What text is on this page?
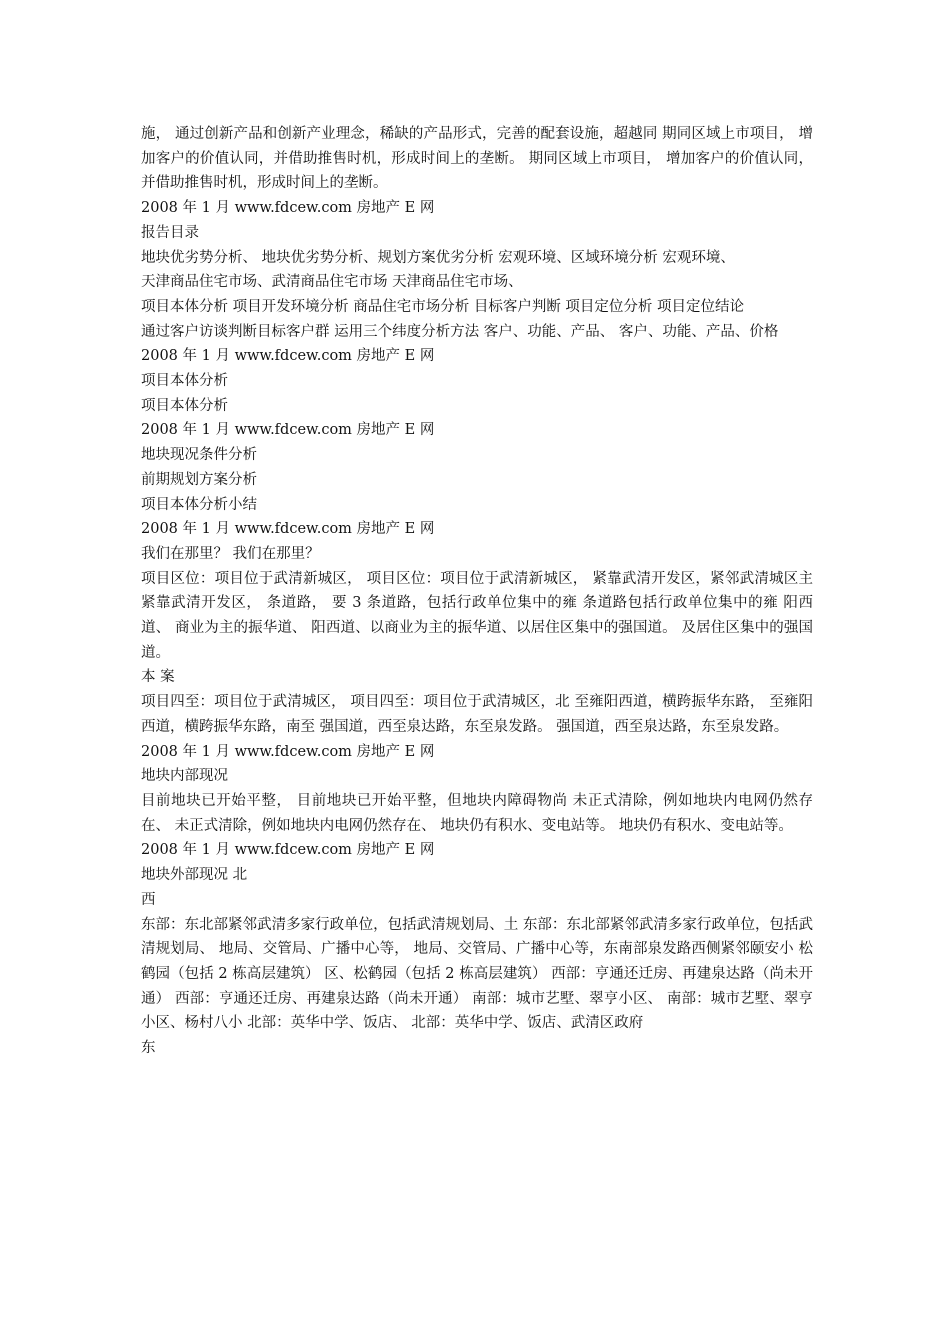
施， 通过创新产品和创新产业理念，稀缺的产品形式，完善的配套设施，超越同 期同区域上市项目， 增加客户的价值认同，并借助推售时机，形成时间上的垄断。 期同区域上市项目， 增加客户的价值认同，并借助推售时机，形成时间上的垄断。

2008 年 1 月 www.fdcew.com 房地产 E 网

报告目录

地块优劣势分析、 地块优劣势分析、规划方案优劣分析 宏观环境、区域环境分析 宏观环境、

天津商品住宅市场、武清商品住宅市场 天津商品住宅市场、

项目本体分析 项目开发环境分析 商品住宅市场分析 目标客户判断 项目定位分析 项目定位结论

通过客户访谈判断目标客户群 运用三个纬度分析方法 客户、功能、产品、 客户、功能、产品、价格

2008 年 1 月 www.fdcew.com 房地产 E 网

项目本体分析

项目本体分析

2008 年 1 月 www.fdcew.com 房地产 E 网

地块现况条件分析

前期规划方案分析

项目本体分析小结

2008 年 1 月 www.fdcew.com 房地产 E 网

我们在那里？ 我们在那里？

项目区位：项目位于武清新城区， 项目区位：项目位于武清新城区， 紧靠武清开发区，紧邻武清城区主 紧靠武清开发区， 条道路， 要 3 条道路，包括行政单位集中的雍 条道路包括行政单位集中的雍 阳西道、 商业为主的振华道、 阳西道、以商业为主的振华道、以居住区集中的强国道。 及居住区集中的强国道。

本 案

项目四至：项目位于武清城区， 项目四至：项目位于武清城区，北 至雍阳西道，横跨振华东路， 至雍阳西道，横跨振华东路，南至 强国道，西至泉达路，东至泉发路。 强国道，西至泉达路，东至泉发路。

2008 年 1 月 www.fdcew.com 房地产 E 网

地块内部现况

目前地块已开始平整， 目前地块已开始平整，但地块内障碍物尚 未正式清除，例如地块内电网仍然存在、 未正式清除，例如地块内电网仍然存在、 地块仍有积水、变电站等。 地块仍有积水、变电站等。

2008 年 1 月 www.fdcew.com 房地产 E 网

地块外部现况 北

西

东部：东北部紧邻武清多家行政单位，包括武清规划局、土 东部：东北部紧邻武清多家行政单位，包括武清规划局、 地局、交管局、广播中心等， 地局、交管局、广播中心等，东南部泉发路西侧紧邻颐安小 松鹤园（包括 2 栋高层建筑） 区、松鹤园（包括 2 栋高层建筑） 西部：亨通还迁房、再建泉达路（尚未开通） 西部：亨通还迁房、再建泉达路（尚未开通） 南部：城市艺墅、翠亨小区、 南部：城市艺墅、翠亨小区、杨村八小 北部：英华中学、饭店、 北部：英华中学、饭店、武清区政府

东
